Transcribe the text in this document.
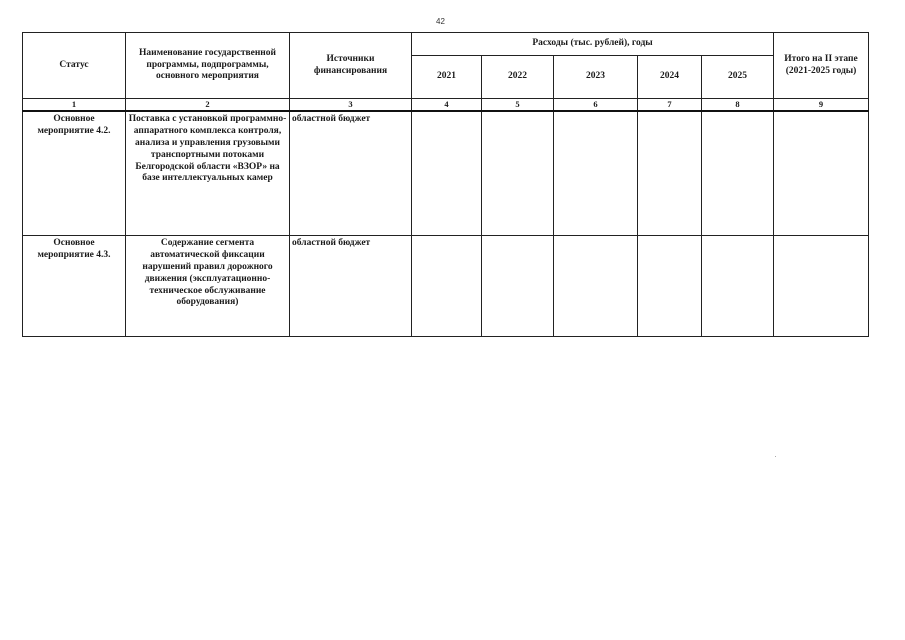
42
Статус	Наименование государственной программы, подпрограммы, основного мероприятия	Источники финансирования	Расходы (тыс. рублей), годы					Итого на II этапе (2021-2025 годы)
			2021	2022	2023	2024	2025	
1	2	3	4	5	6	7	8	9
Основное мероприятие 4.2.	Поставка с установкой программно-аппаратного комплекса контроля, анализа и управления грузовыми транспортными потоками Белгородской области «ВЗОР» на базе интеллектуальных камер	областной бюджет						
Основное мероприятие 4.3.	Содержание сегмента автоматической фиксации нарушений правил дорожного движения (эксплуатационно-техническое обслуживание оборудования)	областной бюджет						
